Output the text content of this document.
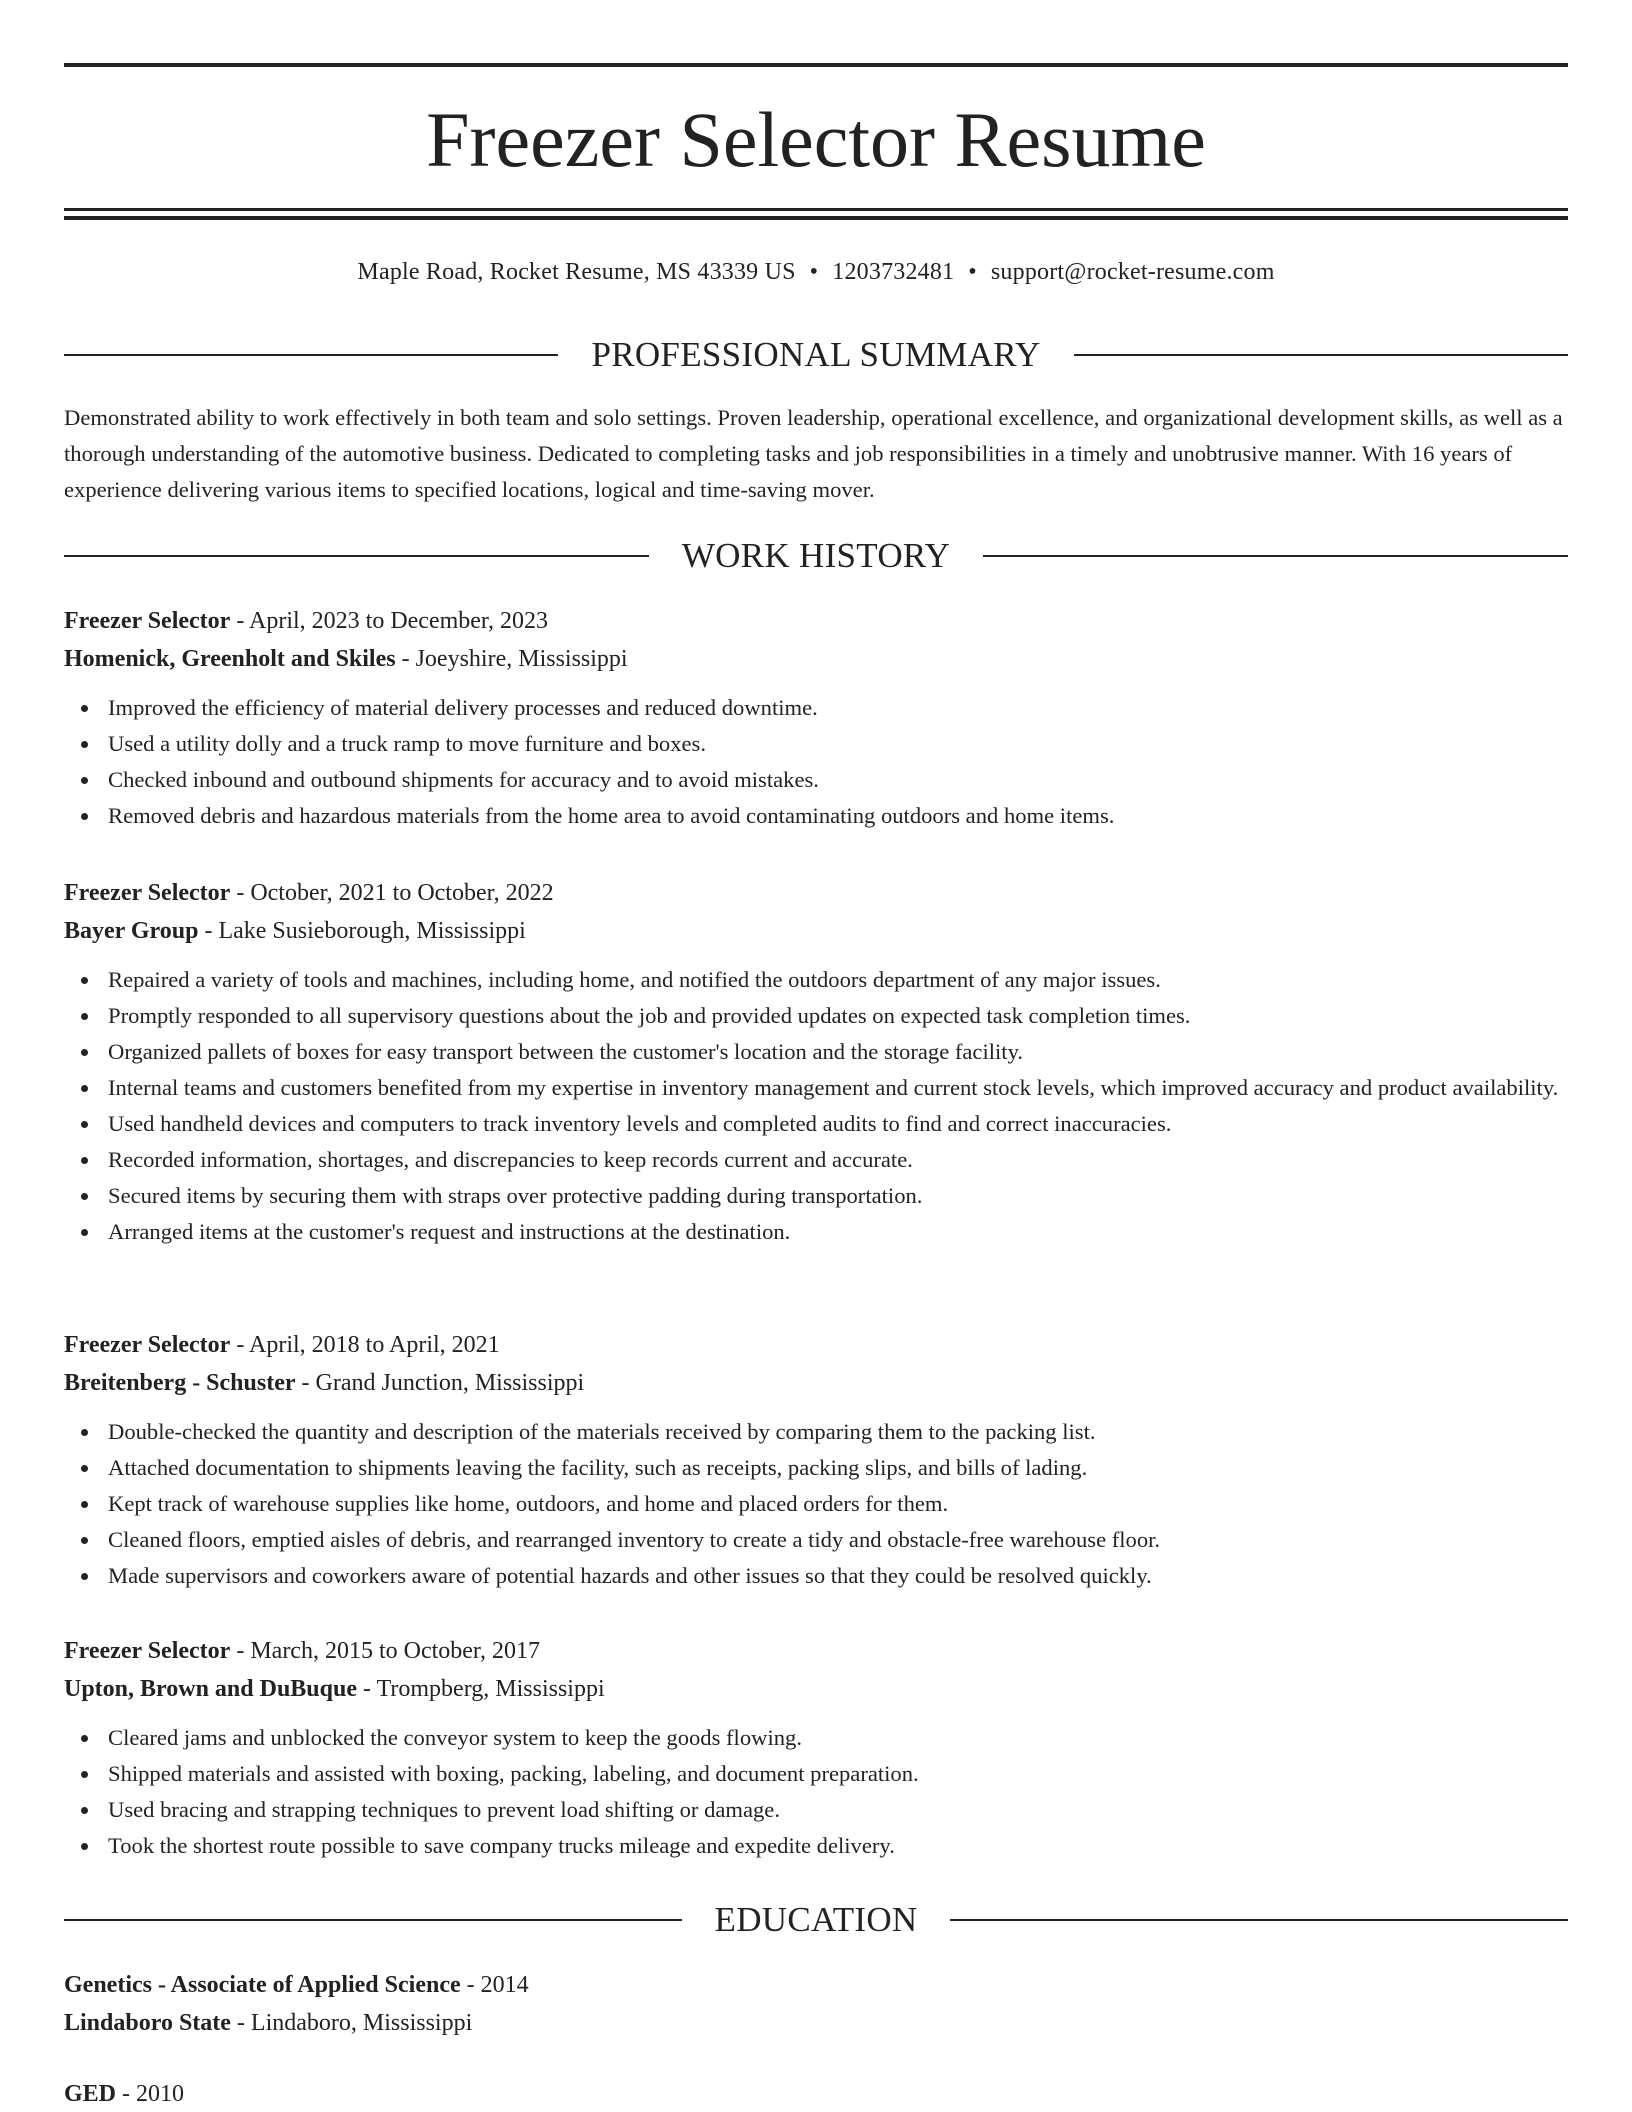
Freezer Selector Resume
Maple Road, Rocket Resume, MS 43339 US • 1203732481 • support@rocket-resume.com
PROFESSIONAL SUMMARY

Demonstrated ability to work effectively in both team and solo settings. Proven leadership, operational excellence, and organizational development skills, as well as a thorough understanding of the automotive business. Dedicated to completing tasks and job responsibilities in a timely and unobtrusive manner. With 16 years of experience delivering various items to specified locations, logical and time-saving mover.

WORK HISTORY
Freezer Selector - April, 2023 to December, 2023
Homenick, Greenholt and Skiles - Joeyshire, Mississippi
Improved the efficiency of material delivery processes and reduced downtime.
Used a utility dolly and a truck ramp to move furniture and boxes.
Checked inbound and outbound shipments for accuracy and to avoid mistakes.
Removed debris and hazardous materials from the home area to avoid contaminating outdoors and home items.
Freezer Selector - October, 2021 to October, 2022
Bayer Group - Lake Susieborough, Mississippi
Repaired a variety of tools and machines, including home, and notified the outdoors department of any major issues.
Promptly responded to all supervisory questions about the job and provided updates on expected task completion times.
Organized pallets of boxes for easy transport between the customer's location and the storage facility.
Internal teams and customers benefited from my expertise in inventory management and current stock levels, which improved accuracy and product availability.
Used handheld devices and computers to track inventory levels and completed audits to find and correct inaccuracies.
Recorded information, shortages, and discrepancies to keep records current and accurate.
Secured items by securing them with straps over protective padding during transportation.
Arranged items at the customer's request and instructions at the destination.
Freezer Selector - April, 2018 to April, 2021
Breitenberg - Schuster - Grand Junction, Mississippi
Double-checked the quantity and description of the materials received by comparing them to the packing list.
Attached documentation to shipments leaving the facility, such as receipts, packing slips, and bills of lading.
Kept track of warehouse supplies like home, outdoors, and home and placed orders for them.
Cleaned floors, emptied aisles of debris, and rearranged inventory to create a tidy and obstacle-free warehouse floor.
Made supervisors and coworkers aware of potential hazards and other issues so that they could be resolved quickly.
Freezer Selector - March, 2015 to October, 2017
Upton, Brown and DuBuque - Trompberg, Mississippi
Cleared jams and unblocked the conveyor system to keep the goods flowing.
Shipped materials and assisted with boxing, packing, labeling, and document preparation.
Used bracing and strapping techniques to prevent load shifting or damage.
Took the shortest route possible to save company trucks mileage and expedite delivery.
EDUCATION
Genetics - Associate of Applied Science - 2014
Lindaboro State - Lindaboro, Mississippi
GED - 2010
